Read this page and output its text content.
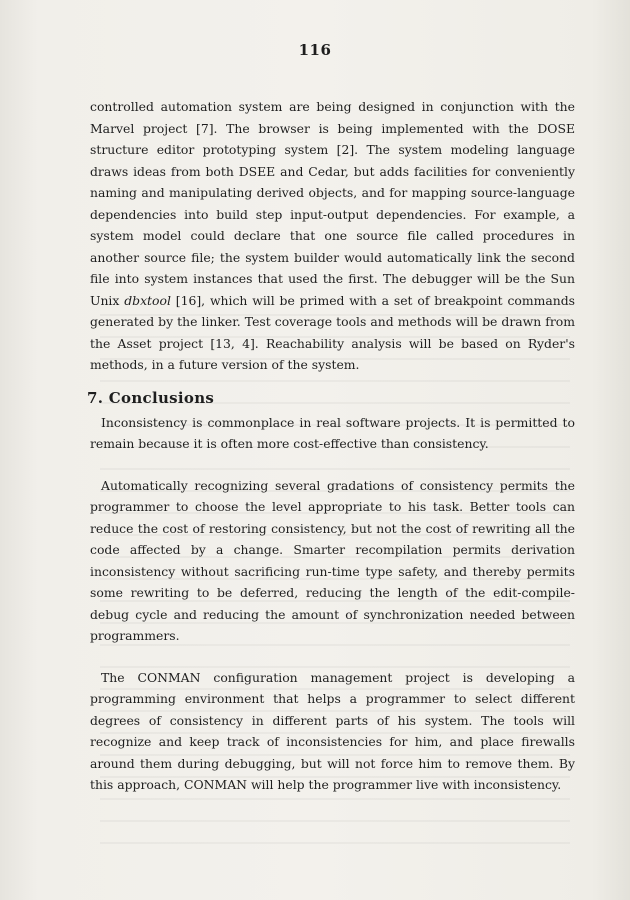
116

controlled automation system are being designed in conjunction with the Marvel project [7]. The browser is being implemented with the DOSE structure editor prototyping system [2]. The system modeling language draws ideas from both DSEE and Cedar, but adds facilities for conveniently naming and manipulating derived objects, and for mapping source-language dependencies into build step input-output dependencies. For example, a system model could declare that one source file called procedures in another source file; the system builder would automatically link the second file into system instances that used the first. The debugger will be the Sun Unix dbxtool [16], which will be primed with a set of breakpoint commands generated by the linker. Test coverage tools and methods will be drawn from the Asset project [13, 4]. Reachability analysis will be based on Ryder's methods, in a future version of the system.

7. Conclusions

Inconsistency is commonplace in real software projects. It is permitted to remain because it is often more cost-effective than consistency.

Automatically recognizing several gradations of consistency permits the programmer to choose the level appropriate to his task. Better tools can reduce the cost of restoring consistency, but not the cost of rewriting all the code affected by a change. Smarter recompilation permits derivation inconsistency without sacrificing run-time type safety, and thereby permits some rewriting to be deferred, reducing the length of the edit-compile-debug cycle and reducing the amount of synchronization needed between programmers.

The CONMAN configuration management project is developing a programming environment that helps a programmer to select different degrees of consistency in different parts of his system. The tools will recognize and keep track of inconsistencies for him, and place firewalls around them during debugging, but will not force him to remove them. By this approach, CONMAN will help the programmer live with inconsistency.
